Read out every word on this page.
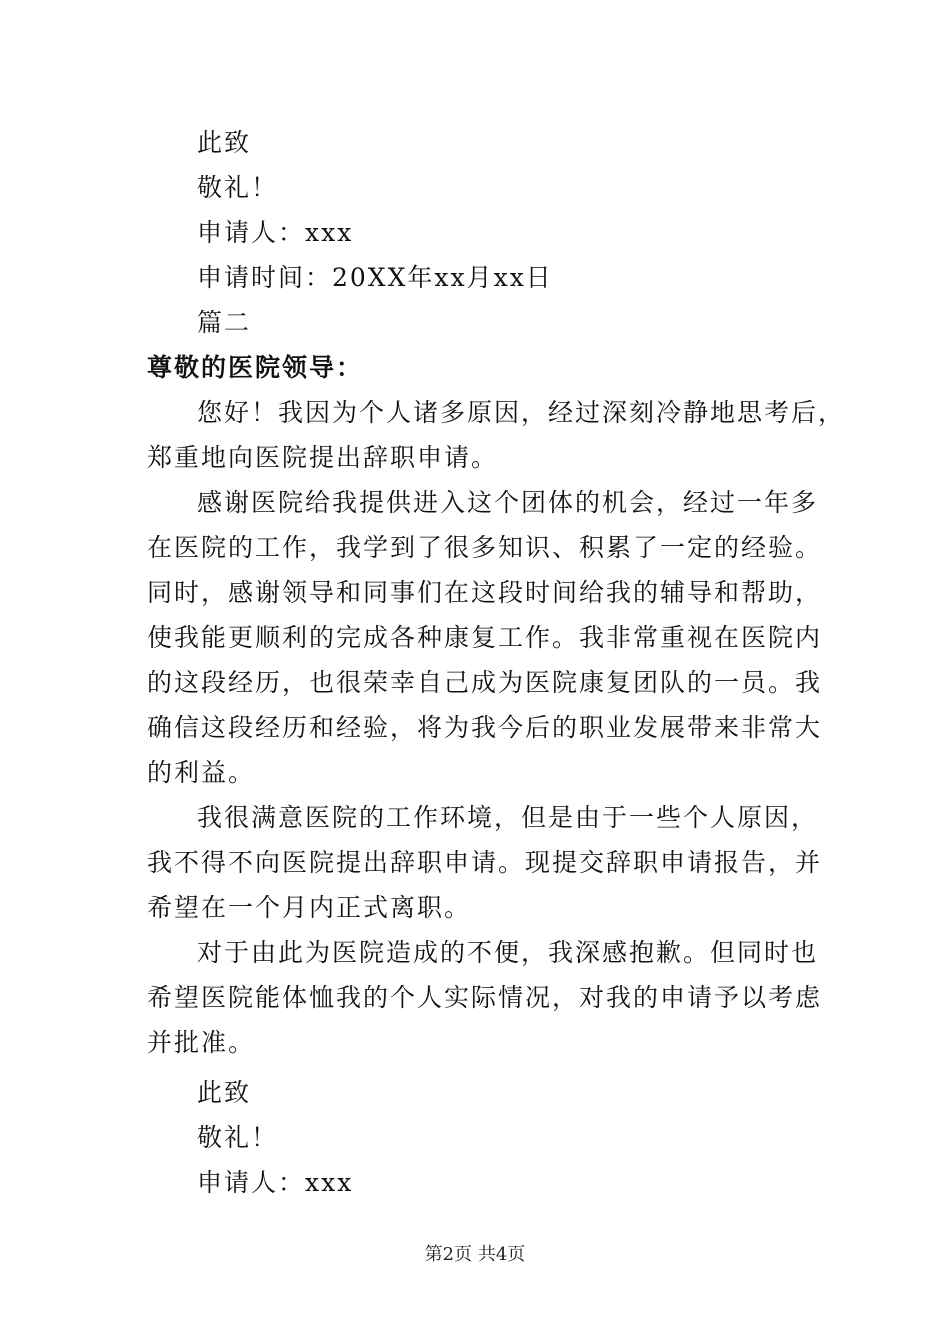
此致
敬礼！
申请人：xxx
申请时间：20XX年xx月xx日
篇二
尊敬的医院领导：
您好！我因为个人诸多原因，经过深刻冷静地思考后，
郑重地向医院提出辞职申请。
感谢医院给我提供进入这个团体的机会，经过一年多
在医院的工作，我学到了很多知识、积累了一定的经验。
同时，感谢领导和同事们在这段时间给我的辅导和帮助，
使我能更顺利的完成各种康复工作。我非常重视在医院内
的这段经历，也很荣幸自己成为医院康复团队的一员。我
确信这段经历和经验，将为我今后的职业发展带来非常大
的利益。
我很满意医院的工作环境，但是由于一些个人原因，
我不得不向医院提出辞职申请。现提交辞职申请报告，并
希望在一个月内正式离职。
对于由此为医院造成的不便，我深感抱歉。但同时也
希望医院能体恤我的个人实际情况，对我的申请予以考虑
并批准。
此致
敬礼！
申请人：xxx
第2页 共4页
